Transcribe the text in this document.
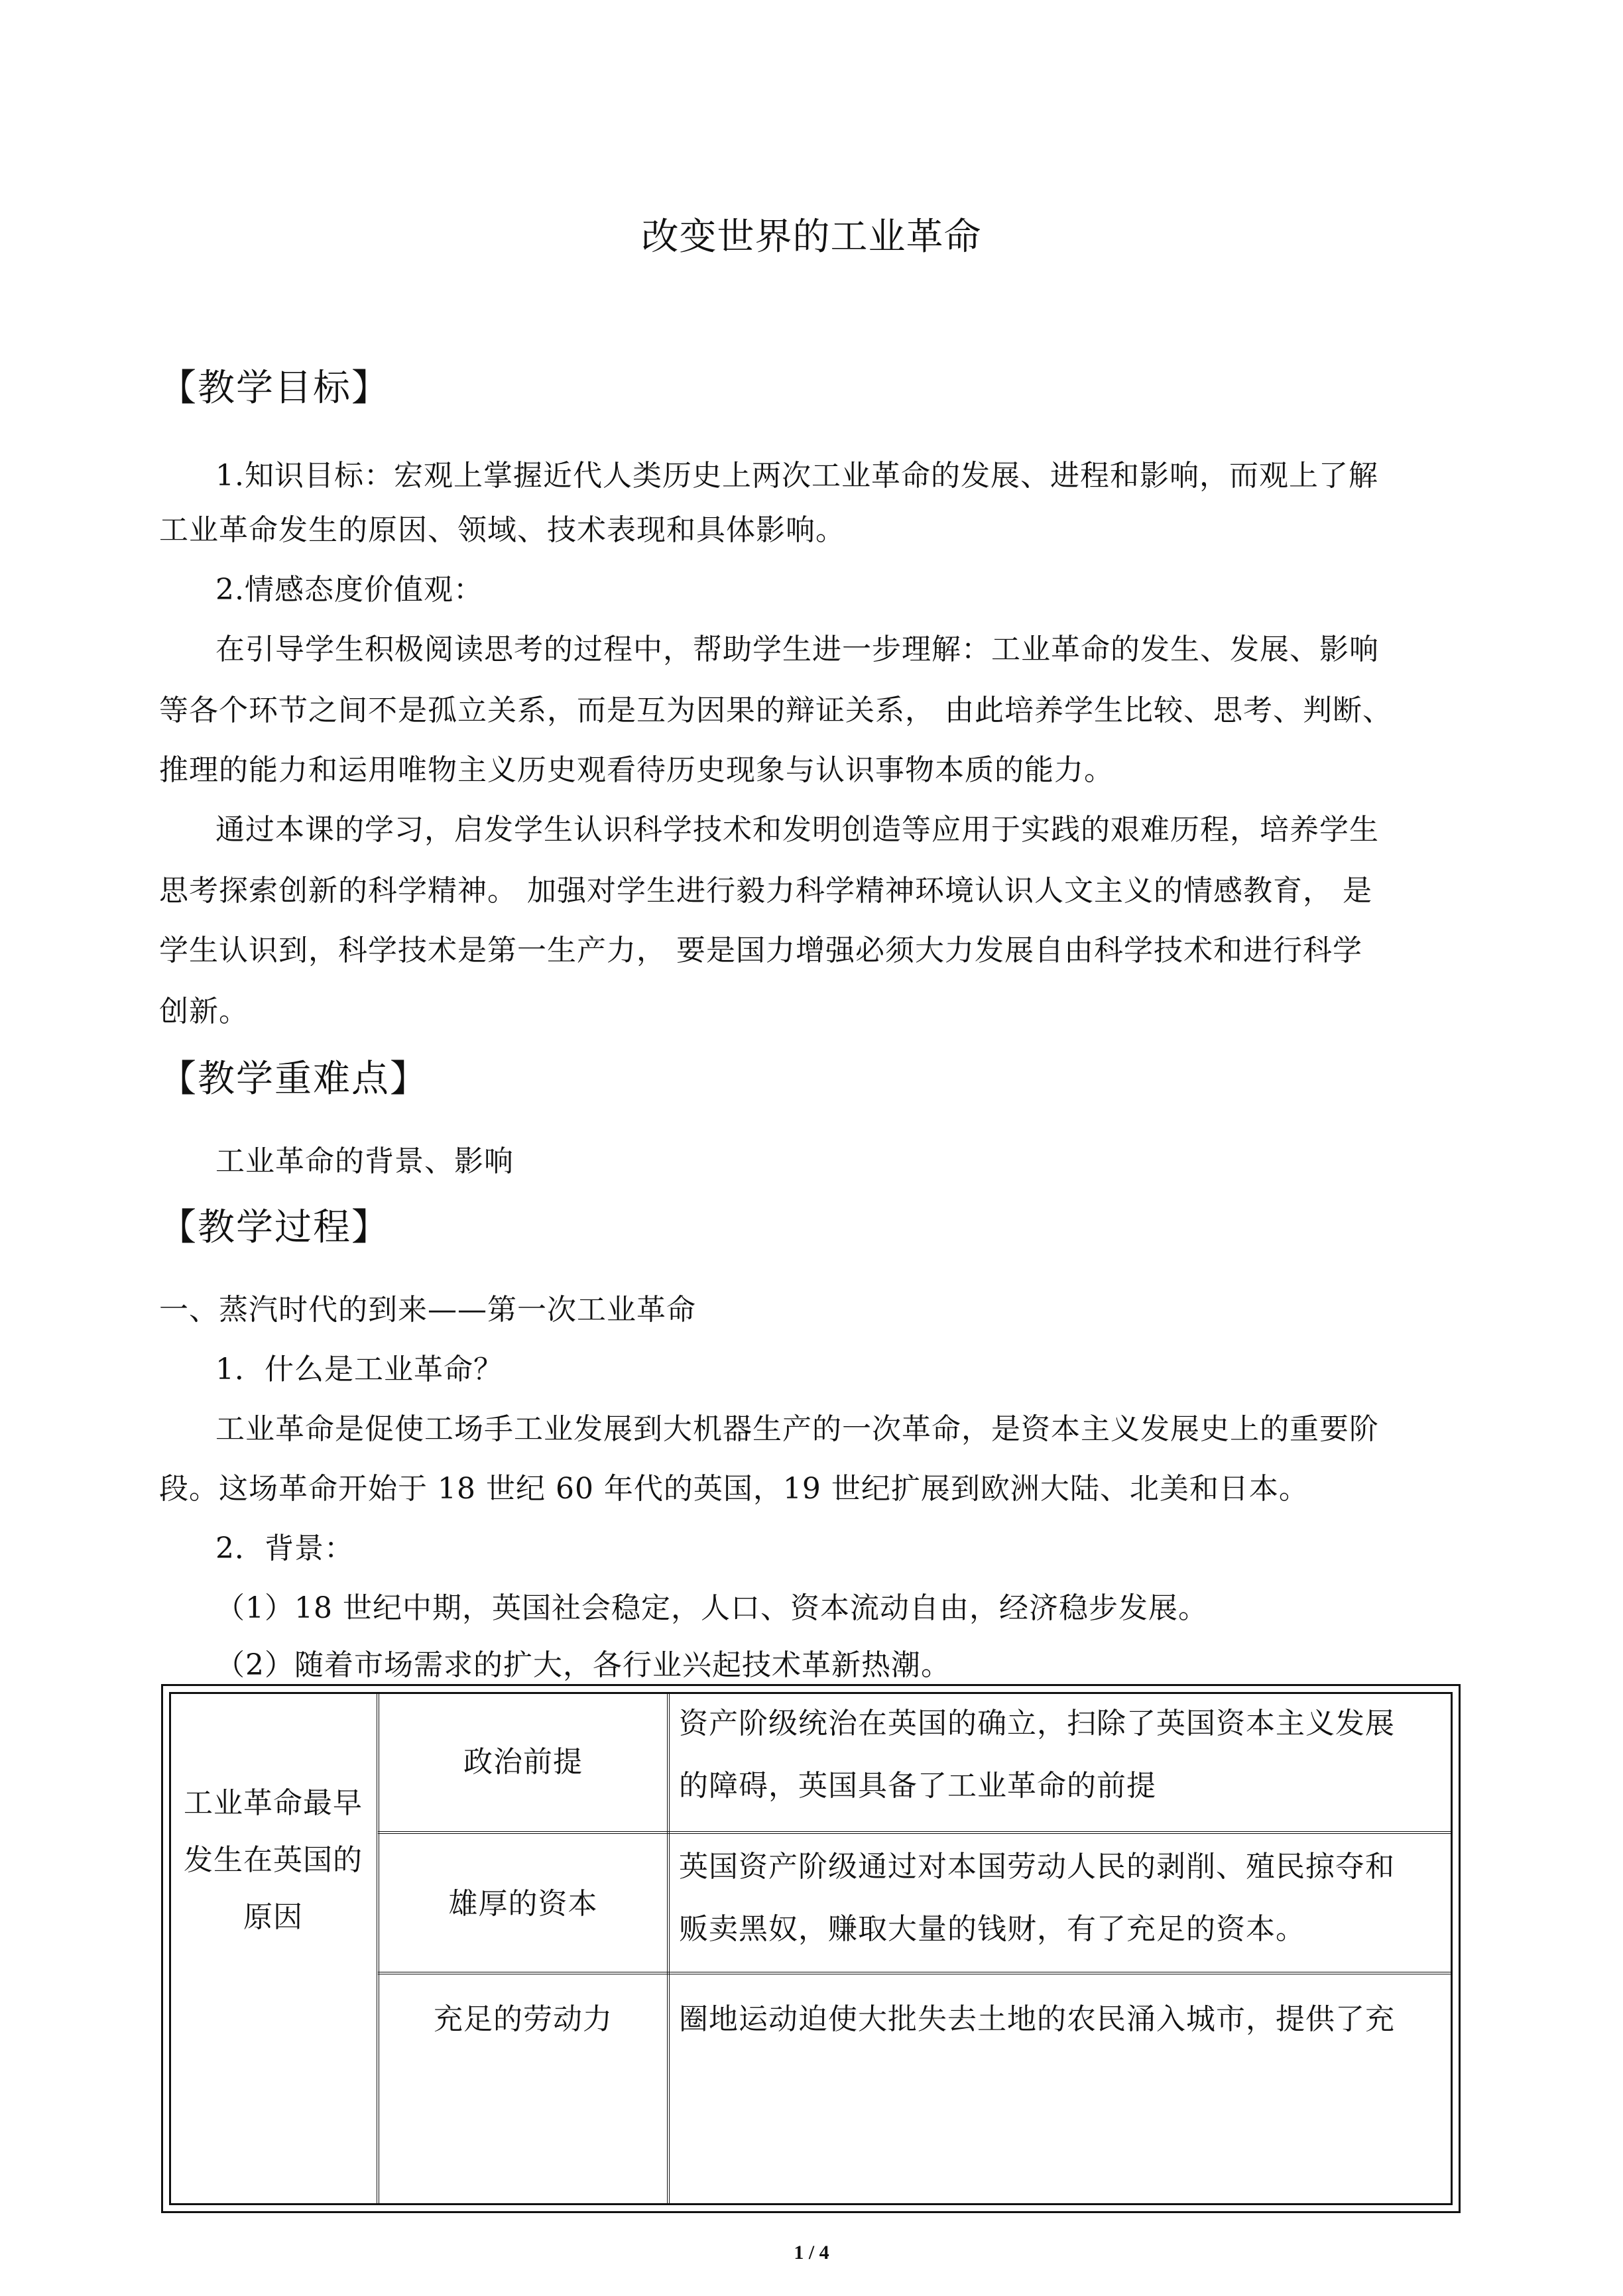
改变世界的工业革命
【教学目标】
1.知识目标：宏观上掌握近代人类历史上两次工业革命的发展、进程和影响，而观上了解
工业革命发生的原因、领域、技术表现和具体影响。
2.情感态度价值观：
在引导学生积极阅读思考的过程中，帮助学生进一步理解：工业革命的发生、发展、影响
等各个环节之间不是孤立关系，而是互为因果的辩证关系， 由此培养学生比较、思考、判断、
推理的能力和运用唯物主义历史观看待历史现象与认识事物本质的能力。
通过本课的学习，启发学生认识科学技术和发明创造等应用于实践的艰难历程，培养学生
思考探索创新的科学精神。 加强对学生进行毅力科学精神环境认识人文主义的情感教育， 是
学生认识到，科学技术是第一生产力， 要是国力增强必须大力发展自由科学技术和进行科学
创新。
【教学重难点】
工业革命的背景、影响
【教学过程】
一、蒸汽时代的到来——第一次工业革命
1．什么是工业革命？
工业革命是促使工场手工业发展到大机器生产的一次革命，是资本主义发展史上的重要阶
段。这场革命开始于 18 世纪 60 年代的英国，19 世纪扩展到欧洲大陆、北美和日本。
2．背景：
（1）18 世纪中期，英国社会稳定，人口、资本流动自由，经济稳步发展。
（2）随着市场需求的扩大，各行业兴起技术革新热潮。
工业革命最早
发生在英国的
原因
政治前提
资产阶级统治在英国的确立，扫除了英国资本主义发展
的障碍，英国具备了工业革命的前提
雄厚的资本
英国资产阶级通过对本国劳动人民的剥削、殖民掠夺和
贩卖黑奴，赚取大量的钱财，有了充足的资本。
充足的劳动力	圈地运动迫使大批失去土地的农民涌入城市，提供了充
1 / 4
